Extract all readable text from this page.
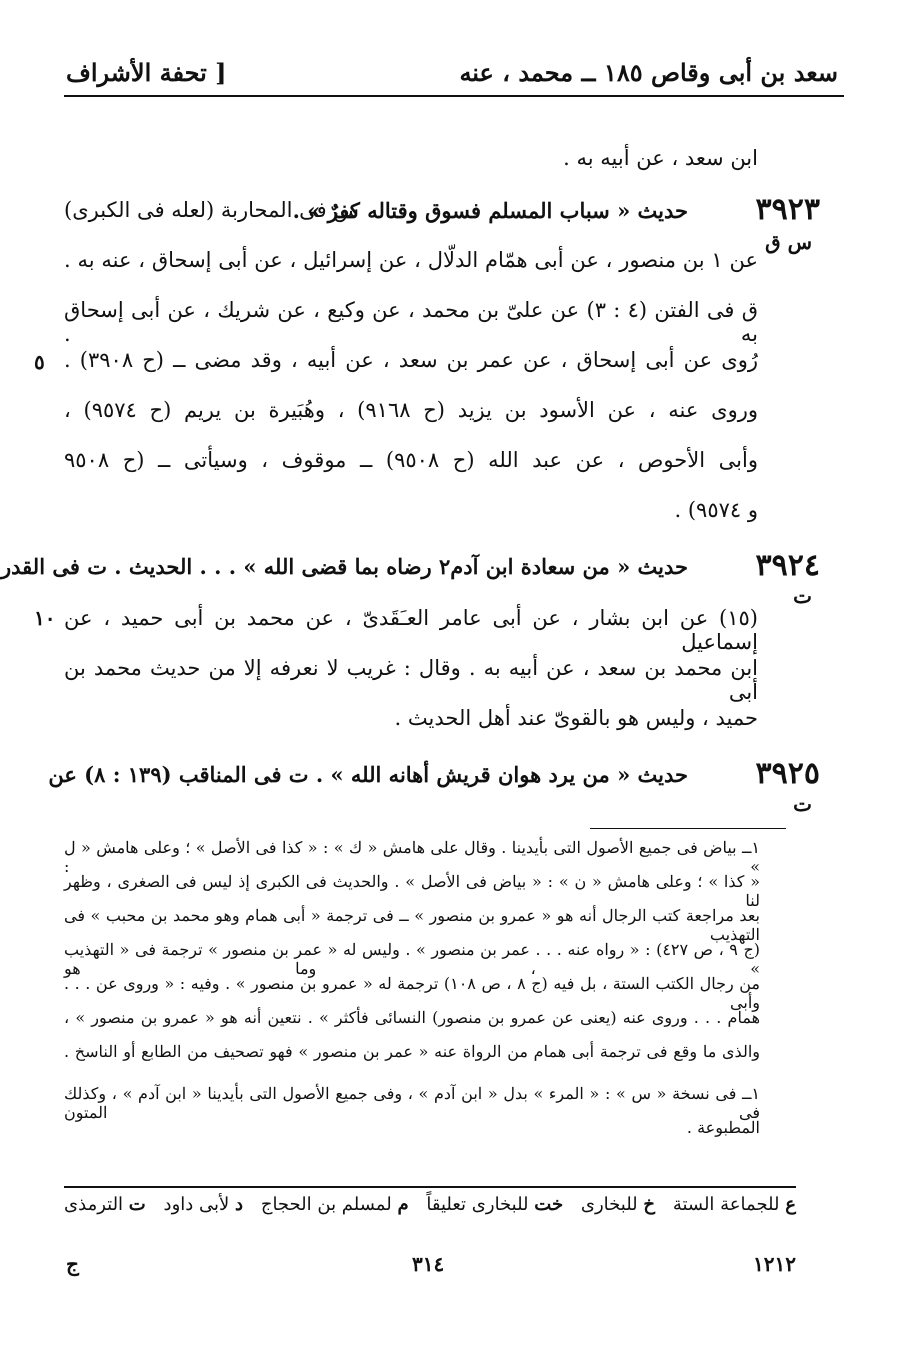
سعد بن أبى وقاص ١٨٥ ــ محمد ، عنه
[ تحفة الأشراف
ابن سعد ، عن أبيه به .
٣٩٢٣
حديث « سباب المسلم فسوق وقتاله كفرٌ » .
س فى المحاربة (لعله فى الكبرى)
س ق
عن ١ بن منصور ، عن أبى همّام الدلّال ، عن إسرائيل ، عن أبى إسحاق ، عنه به .
ق فى الفتن (٤ : ٣) عن علىّ بن محمد ، عن وكيع ، عن شريك ، عن أبى إسحاق به .
رُوى عن أبى إسحاق ، عن عمر بن سعد ، عن أبيه ، وقد مضى ــ (ح ٣٩٠٨) .
٥
وروى عنه ، عن الأسود بن يزيد (ح ٩١٦٨) ، وهُبَيرة بن يريم (ح ٩٥٧٤) ،
وأبى الأحوص ، عن عبد الله (ح ٩٥٠٨) ــ موقوف ، وسيأتى ــ (ح ٩٥٠٨
و ٩٥٧٤) .
٣٩٢٤
حديث « من سعادة ابن آدم٢ رضاه بما قضى الله » . . . الحديث . ت فى القدر
ت
(١٥) عن ابن بشار ، عن أبى عامر العـَقَدىّ ، عن محمد بن أبى حميد ، عن إسماعيل
١٠
ابن محمد بن سعد ، عن أبيه به . وقال : غريب لا نعرفه إلا من حديث محمد بن أبى
حميد ، وليس هو بالقوىّ عند أهل الحديث .
٣٩٢٥
حديث « من يرد هوان قريش أهانه الله » . ت فى المناقب (١٣٩ : ٨) عن
ت
١ــ بياض فى جميع الأصول التى بأيدينا . وقال على هامش « ك » : « كذا فى الأصل » ؛ وعلى هامش « ل » :
« كذا » ؛ وعلى هامش « ن » : « بياض فى الأصل » . والحديث فى الكبرى إذ ليس فى الصغرى ، وظهر لنا
بعد مراجعة كتب الرجال أنه هو « عمرو بن منصور » ــ فى ترجمة « أبى همام وهو محمد بن محبب » فى التهذيب
(ج ٩ ، ص ٤٢٧) : « رواه عنه . . . عمر بن منصور » . وليس له « عمر بن منصور » ترجمة فى « التهذيب » ، وما هو
من رجال الكتب الستة ، بل فيه (ج ٨ ، ص ١٠٨) ترجمة له « عمرو بن منصور » . وفيه : « وروى عن . . . وأبى
همام . . . وروى عنه (يعنى عن عمرو بن منصور) النسائى فأكثر » . نتعين أنه هو « عمرو بن منصور » ،
والذى ما وقع فى ترجمة أبى همام من الرواة عنه « عمر بن منصور » فهو تصحيف من الطابع أو الناسخ .
١ــ فى نسخة « س » : « المرء » بدل « ابن آدم » ، وفى جميع الأصول التى بأيدينا « ابن آدم » ، وكذلك فى المتون
المطبوعة .
ع للجماعة الستة
خ للبخارى
خت للبخارى تعليقاً
م لمسلم بن الحجاج
د لأبى داود
ت الترمذى
١٢١٢
٣١٤
ج
